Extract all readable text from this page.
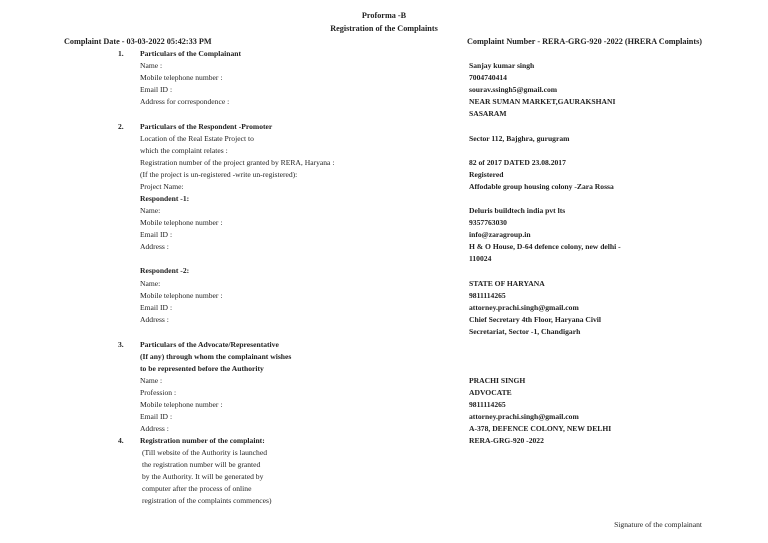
Proforma -B
Registration of the Complaints
Complaint Date - 03-03-2022 05:42:33 PM	Complaint Number - RERA-GRG-920 -2022 (HRERA Complaints)
1. Particulars of the Complainant
Name :
Mobile telephone number :
Email ID :
Address for correspondence :
Sanjay kumar singh
7004740414
sourav.ssingh5@gmail.com
NEAR SUMAN MARKET,GAURAKSHANI
SASARAM
2. Particulars of the Respondent -Promoter
Location of the Real Estate Project to
which the complaint relates :
Registration number of the project granted by RERA, Haryana :
(If the project is un-registered -write un-registered):
Project Name:
Sector 112, Bajghra, gurugram
82 of 2017 DATED 23.08.2017
Registered
Affodable group housing colony -Zara Rossa
Respondent -1:
Name:
Mobile telephone number :
Email ID :
Address :
Deluris buildtech india pvt lts
9357763030
info@zaragroup.in
H & O House, D-64 defence colony, new delhi -
110024
Respondent -2:
Name:
Mobile telephone number :
Email ID :
Address :
STATE OF HARYANA
9811114265
attorney.prachi.singh@gmail.com
Chief Secretary 4th Floor, Haryana Civil
Secretariat, Sector -1, Chandigarh
3. Particulars of the Advocate/Representative
(If any) through whom the complainant wishes
to be represented before the Authority
Name :
Profession :
Mobile telephone number :
Email ID :
Address :
PRACHI SINGH
ADVOCATE
9811114265
attorney.prachi.singh@gmail.com
A-378, DEFENCE COLONY, NEW DELHI
4. Registration number of the complaint:
(Till website of the Authority is launched
the registration number will be granted
by the Authority. It will be generated by
computer after the process of online
registration of the complaints commences)
RERA-GRG-920 -2022
Signature of the complainant
